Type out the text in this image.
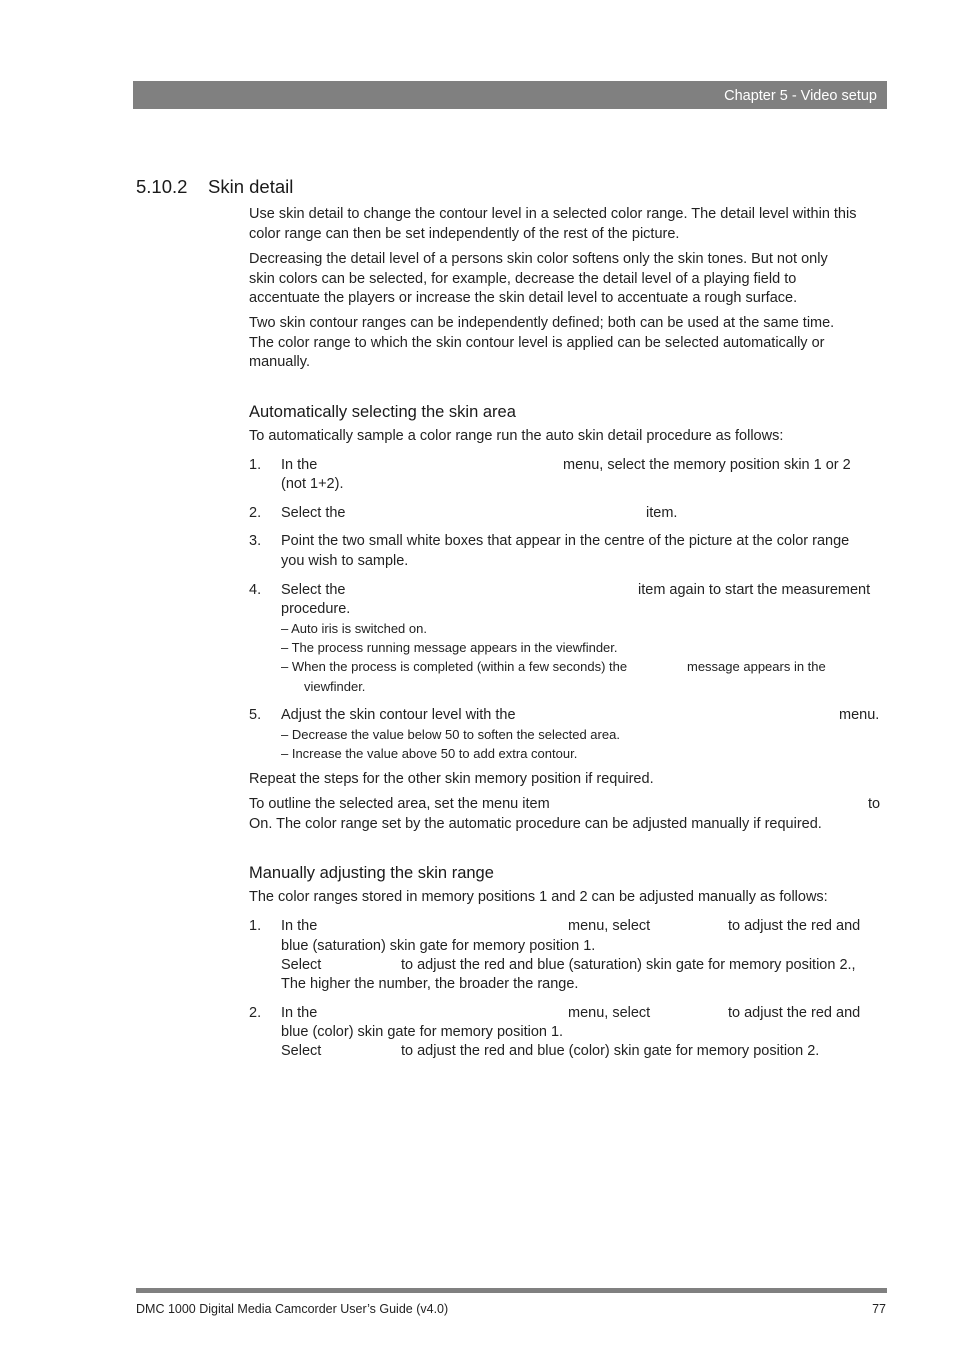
Chapter 5 - Video setup
5.10.2 Skin detail
Use skin detail to change the contour level in a selected color range. The detail level within this
color range can then be set independently of the rest of the picture.
Decreasing the detail level of a persons skin color softens only the skin tones. But not only
skin colors can be selected, for example, decrease the detail level of a playing field to
accentuate the players or increase the skin detail level to accentuate a rough surface.
Two skin contour ranges can be independently defined; both can be used at the same time.
The color range to which the skin contour level is applied can be selected automatically or
manually.
Automatically selecting the skin area
To automatically sample a color range run the auto skin detail procedure as follows:
1. In the	menu, select the memory position skin 1 or 2
(not 1+2).
2. Select the	item.
3. Point the two small white boxes that appear in the centre of the picture at the color range
you wish to sample.
4. Select the	item again to start the measurement
procedure.
– Auto iris is switched on.
– The process running message appears in the viewfinder.
– When the process is completed (within a few seconds) the	message appears in the
viewfinder.
5. Adjust the skin contour level with the	menu.
– Decrease the value below 50 to soften the selected area.
– Increase the value above 50 to add extra contour.
Repeat the steps for the other skin memory position if required.
To outline the selected area, set the menu item	to
On. The color range set by the automatic procedure can be adjusted manually if required.
Manually adjusting the skin range
The color ranges stored in memory positions 1 and 2 can be adjusted manually as follows:
1. In the	menu, select	to adjust the red and
blue (saturation) skin gate for memory position 1.
Select	to adjust the red and blue (saturation) skin gate for memory position 2.,
The higher the number, the broader the range.
2. In the	menu, select	to adjust the red and
blue (color) skin gate for memory position 1.
Select	to adjust the red and blue (color) skin gate for memory position 2.
DMC 1000 Digital Media Camcorder User’s Guide (v4.0)	77
